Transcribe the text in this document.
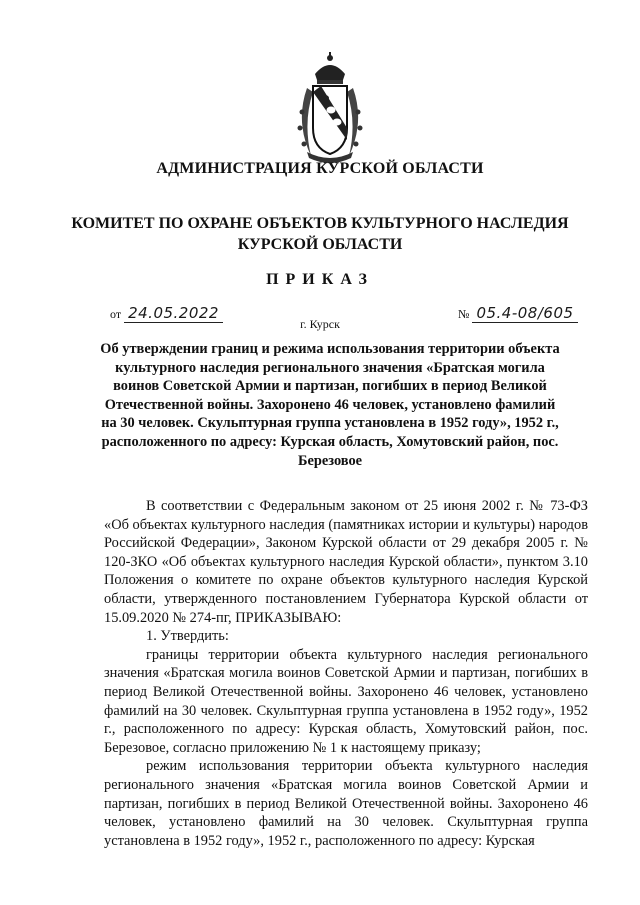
АДМИНИСТРАЦИЯ КУРСКОЙ ОБЛАСТИ
КОМИТЕТ ПО ОХРАНЕ ОБЪЕКТОВ КУЛЬТУРНОГО НАСЛЕДИЯ
КУРСКОЙ ОБЛАСТИ
ПРИКАЗ
от 24.05.2022	№ 05.4-08/605
г. Курск
Об утверждении границ и режима использования территории объекта культурного наследия регионального значения «Братская могила воинов Советской Армии и партизан, погибших в период Великой Отечественной войны. Захоронено 46 человек, установлено фамилий на 30 человек. Скульптурная группа установлена в 1952 году», 1952 г., расположенного по адресу: Курская область, Хомутовский район, пос. Березовое

В соответствии с Федеральным законом от 25 июня 2002 г. № 73-ФЗ «Об объектах культурного наследия (памятниках истории и культуры) народов Российской Федерации», Законом Курской области от 29 декабря 2005 г. № 120-ЗКО «Об объектах культурного наследия Курской области», пунктом 3.10 Положения о комитете по охране объектов культурного наследия Курской области, утвержденного постановлением Губернатора Курской области от 15.09.2020 № 274-пг, ПРИКАЗЫВАЮ:

1. Утвердить:

границы территории объекта культурного наследия регионального значения «Братская могила воинов Советской Армии и партизан, погибших в период Великой Отечественной войны. Захоронено 46 человек, установлено фамилий на 30 человек. Скульптурная группа установлена в 1952 году», 1952 г., расположенного по адресу: Курская область, Хомутовский район, пос. Березовое, согласно приложению № 1 к настоящему приказу;

режим использования территории объекта культурного наследия регионального значения «Братская могила воинов Советской Армии и партизан, погибших в период Великой Отечественной войны. Захоронено 46 человек, установлено фамилий на 30 человек. Скульптурная группа установлена в 1952 году», 1952 г., расположенного по адресу: Курская
